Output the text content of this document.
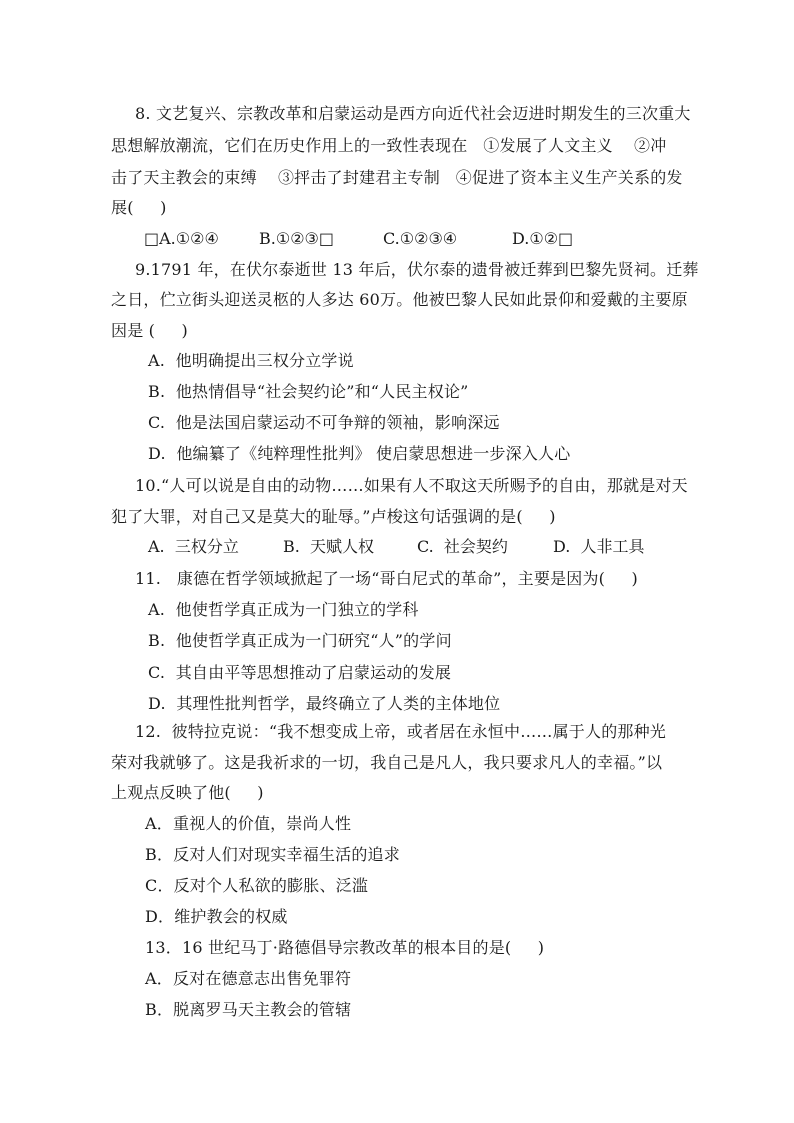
8. 文艺复兴、宗教改革和启蒙运动是西方向近代社会迈进时期发生的三次重大
思想解放潮流，它们在历史作用上的一致性表现在   ①发展了人文主义    ②冲
击了天主教会的束缚    ③抨击了封建君主专制   ④促进了资本主义生产关系的发
展(     )

□A.①②④

	B.①②③□

	C.①②③④

	D.①②□

9.1791 年，在伏尔泰逝世 13 年后，伏尔泰的遗骨被迁葬到巴黎先贤祠。迁葬
之日，伫立街头迎送灵柩的人多达 60万。他被巴黎人民如此景仰和爱戴的主要原
因是 (     )
A.  他明确提出三权分立学说
B.  他热情倡导“社会契约论”和“人民主权论”
C.  他是法国启蒙运动不可争辩的领袖，影响深远
D.  他编纂了《纯粹理性批判》 使启蒙思想进一步深入人心
10.“人可以说是自由的动物……如果有人不取这天所赐予的自由，那就是对天
犯了大罪，对自己又是莫大的耻辱。”卢梭这句话强调的是(     )

A.  三权分立

	B.  天赋人权

	C.  社会契约

	D.  人非工具

11.   康德在哲学领域掀起了一场“哥白尼式的革命”，主要是因为(     )
A.  他使哲学真正成为一门独立的学科
B.  他使哲学真正成为一门研究“人”的学问
C.  其自由平等思想推动了启蒙运动的发展
D.  其理性批判哲学，最终确立了人类的主体地位
12.  彼特拉克说：“我不想变成上帝，或者居在永恒中……属于人的那种光
荣对我就够了。这是我祈求的一切，我自己是凡人，我只要求凡人的幸福。”以
上观点反映了他(     )
A．重视人的价值，崇尚人性
B．反对人们对现实幸福生活的追求
C．反对个人私欲的膨胀、泛滥
D．维护教会的权威
13．16 世纪马丁·路德倡导宗教改革的根本目的是(     )
A．反对在德意志出售免罪符
B．脱离罗马天主教会的管辖
